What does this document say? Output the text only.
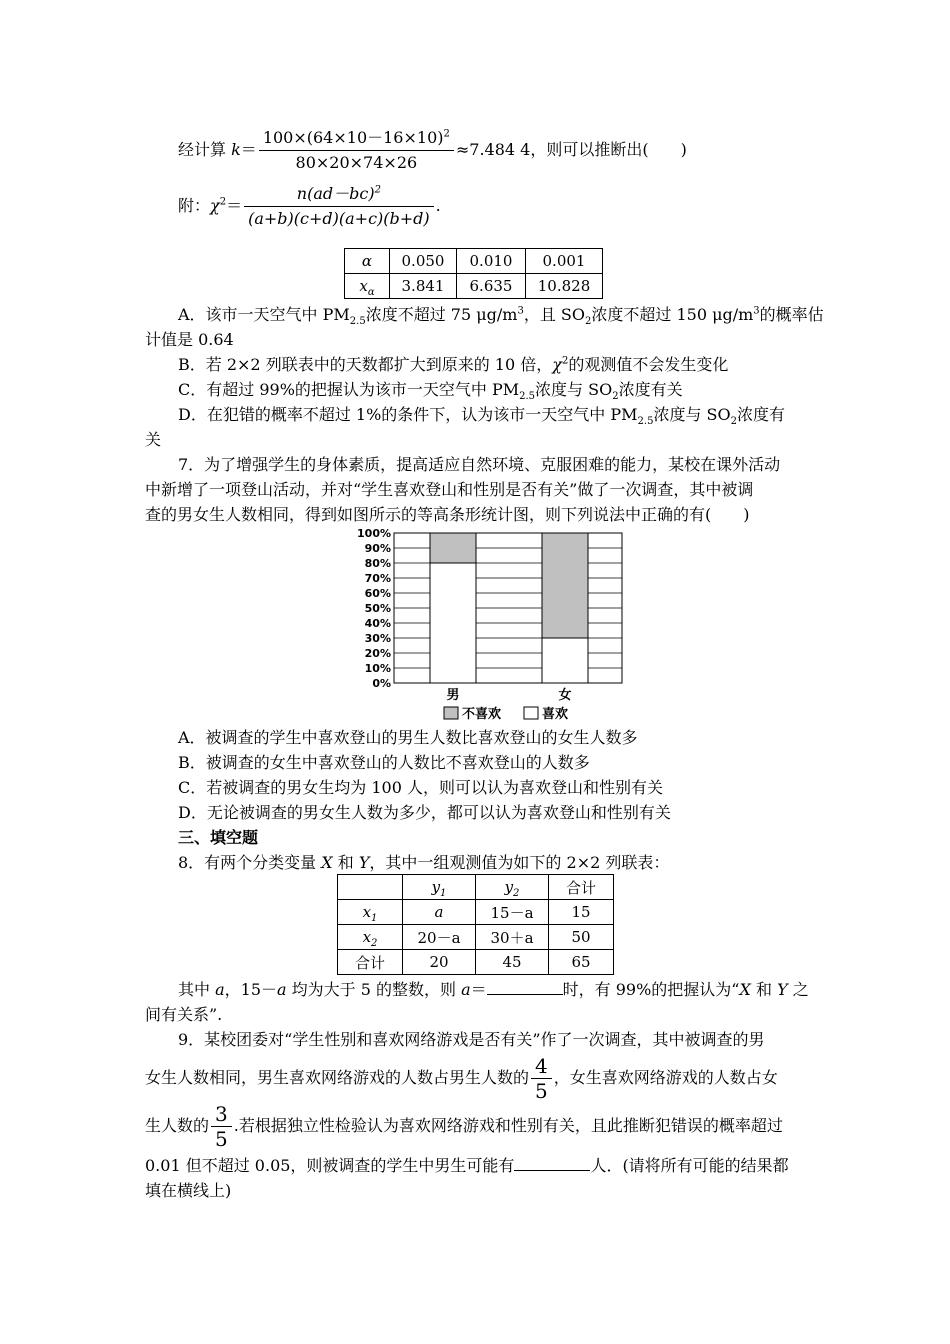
经计算 $k= \frac{100\times(64\times 10-16\times 10)^2}{80\times 20\times 74\times 26} \approx 7.484$ 4，则可以推断出(　　)
附：$\chi^2= \frac{n(ad-bc)^2}{(a+b)(c+d)(a+c)(b+d)}$ .
α	0.050	0.010	0.001
$x_\alpha$	3.841	6.635	10.828
A．该市一天空气中 $PM_{2.5}$浓度不超过 75 $\mu g/m^3$，且 $SO_2$浓度不超过 150 $\mu g/m^3$的概率估
计值是 0.64
B．若 2×2 列联表中的天数都扩大到原来的 10 倍，$\chi^2$的观测值不会发生变化
C．有超过 99%的把握认为该市一天空气中 $PM_{2.5}$浓度与 $SO_2$浓度有关
D．在犯错的概率不超过 1%的条件下，认为该市一天空气中 $PM_{2.5}$浓度与 $SO_2$浓度有
关
7．为了增强学生的身体素质，提高适应自然环境、克服困难的能力，某校在课外活动
中新增了一项登山活动，并对“学生喜欢登山和性别是否有关”做了一次调查，其中被调
查的男女生人数相同，得到如图所示的等高条形统计图，则下列说法中正确的有(　　)
0%
10%
20%
30%
40%
50%
60%
70%
80%
90%
100%
男	女
不喜欢	喜欢
A．被调查的学生中喜欢登山的男生人数比喜欢登山的女生人数多
B．被调查的女生中喜欢登山的人数比不喜欢登山的人数多
C．若被调查的男女生均为 100 人，则可以认为喜欢登山和性别有关
D．无论被调查的男女生人数为多少，都可以认为喜欢登山和性别有关
三、填空题
8．有两个分类变量 X 和 Y，其中一组观测值为如下的 2×2 列联表：
	$y_1$	$y_2$	合计
$x_1$	a	15－a	15
$x_2$	20－a	30＋a	50
合计	20	45	65
其中 a，15－a 均为大于 5 的整数，则 a＝	时，有 99%的把握认为“X 和 Y 之
间有关系”.
9．某校团委对“学生性别和喜欢网络游戏是否有关”作了一次调查，其中被调查的男
女生人数相同，男生喜欢网络游戏的人数占男生人数的 $\frac{4}{5}$ ，女生喜欢网络游戏的人数占女
生人数的 $\frac{3}{5}$ .若根据独立性检验认为喜欢网络游戏和性别有关，且此推断犯错误的概率超过
0.01 但不超过 0.05，则被调查的学生中男生可能有	人．(请将所有可能的结果都
填在横线上)
